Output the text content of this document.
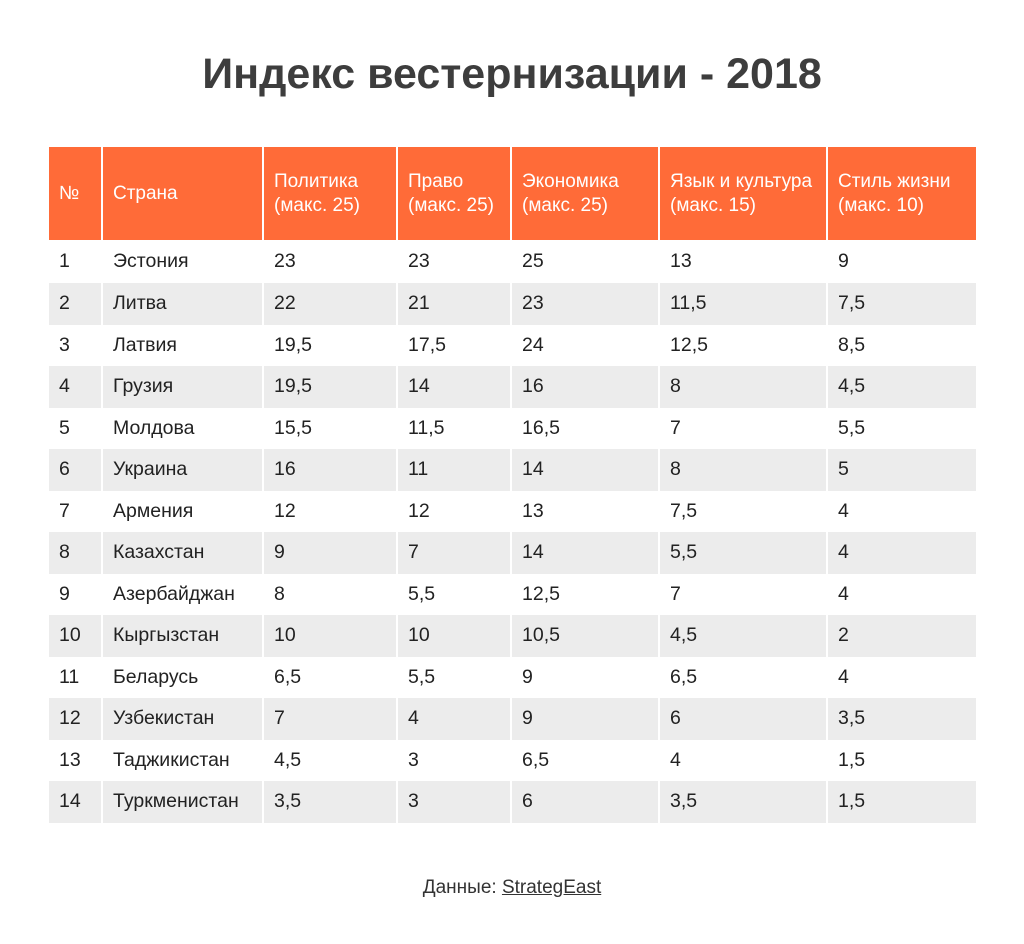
Индекс вестернизации - 2018
№	Страна	Политика (макс. 25)	Право (макс. 25)	Экономика (макс. 25)	Язык и культура (макс. 15)	Стиль жизни (макс. 10)
1	Эстония	23	23	25	13	9
2	Литва	22	21	23	11,5	7,5
3	Латвия	19,5	17,5	24	12,5	8,5
4	Грузия	19,5	14	16	8	4,5
5	Молдова	15,5	11,5	16,5	7	5,5
6	Украина	16	11	14	8	5
7	Армения	12	12	13	7,5	4
8	Казахстан	9	7	14	5,5	4
9	Азербайджан	8	5,5	12,5	7	4
10	Кыргызстан	10	10	10,5	4,5	2
11	Беларусь	6,5	5,5	9	6,5	4
12	Узбекистан	7	4	9	6	3,5
13	Таджикистан	4,5	3	6,5	4	1,5
14	Туркменистан	3,5	3	6	3,5	1,5
Данные: StrategEast
